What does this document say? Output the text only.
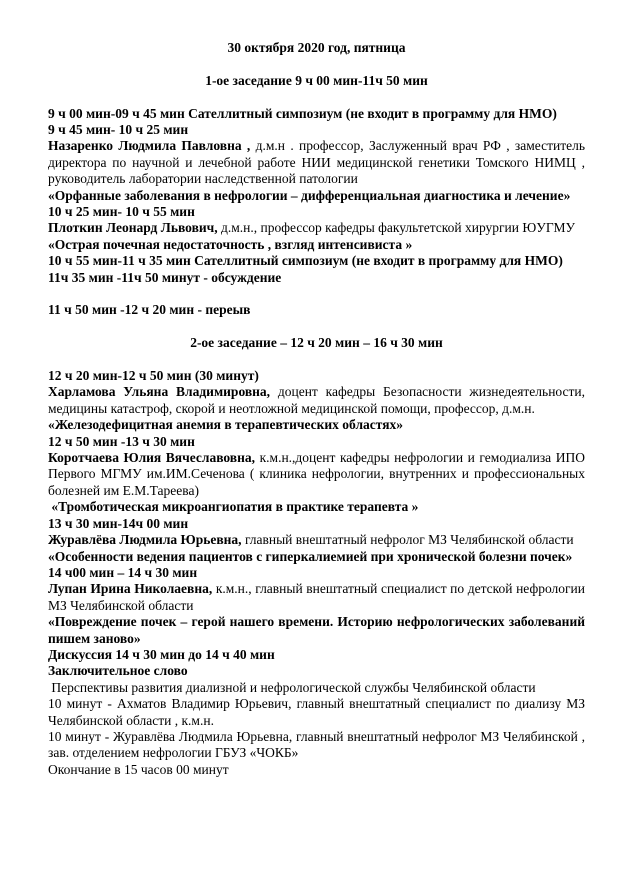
30 октября 2020 год, пятница

1-ое заседание 9 ч 00 мин-11ч 50 мин

9 ч 00 мин-09 ч 45 мин Сателлитный симпозиум (не входит в программу для НМО)

9 ч 45 мин- 10 ч 25 мин

Назаренко Людмила Павловна , д.м.н . профессор, Заслуженный врач РФ , заместитель директора по научной и лечебной работе НИИ медицинской генетики Томского НИМЦ , руководитель лаборатории наследственной патологии

«Орфанные заболевания в нефрологии – дифференциальная диагностика и лечение»

10 ч 25 мин- 10 ч 55 мин

Плоткин Леонард Львович, д.м.н., профессор кафедры факультетской хирургии ЮУГМУ

«Острая почечная недостаточность , взгляд интенсивиста »

10 ч 55 мин-11 ч 35 мин Сателлитный симпозиум (не входит в программу для НМО)

11ч 35 мин -11ч 50 минут - обсуждение

11 ч 50 мин -12 ч 20 мин - переыв

2-ое заседание – 12 ч 20 мин – 16 ч 30 мин

12 ч 20 мин-12 ч 50 мин (30 минут)

Харламова Ульяна Владимировна, доцент кафедры Безопасности жизнедеятельности, медицины катастроф, скорой и неотложной медицинской помощи, профессор, д.м.н.

«Железодефицитная анемия в терапевтических областях»

12 ч 50 мин -13 ч 30 мин

Коротчаева Юлия Вячеславовна, к.м.н.,доцент кафедры нефрологии и гемодиализа ИПО Первого МГМУ им.ИМ.Сеченова ( клиника нефрологии, внутренних и профессиональных болезней им Е.М.Тареева)

«Тромботическая микроангиопатия в практике терапевта »

13 ч 30 мин-14ч 00 мин

Журавлёва Людмила Юрьевна, главный внештатный нефролог МЗ Челябинской области

«Особенности ведения пациентов с гиперкалиемией при хронической болезни почек»

14 ч00 мин – 14 ч 30 мин

Лупан Ирина Николаевна, к.м.н., главный внештатный специалист по детской нефрологии МЗ Челябинской области

«Повреждение почек – герой нашего времени. Историю нефрологических заболеваний пишем заново»

Дискуссия 14 ч 30 мин до 14 ч 40 мин

Заключительное слово

Перспективы развития диализной и нефрологической службы Челябинской области

10 минут - Ахматов Владимир Юрьевич, главный внештатный специалист по диализу МЗ Челябинской области , к.м.н.

10 минут - Журавлёва Людмила Юрьевна, главный внештатный нефролог МЗ Челябинской , зав. отделением нефрологии ГБУЗ «ЧОКБ»

Окончание в 15 часов 00 минут
